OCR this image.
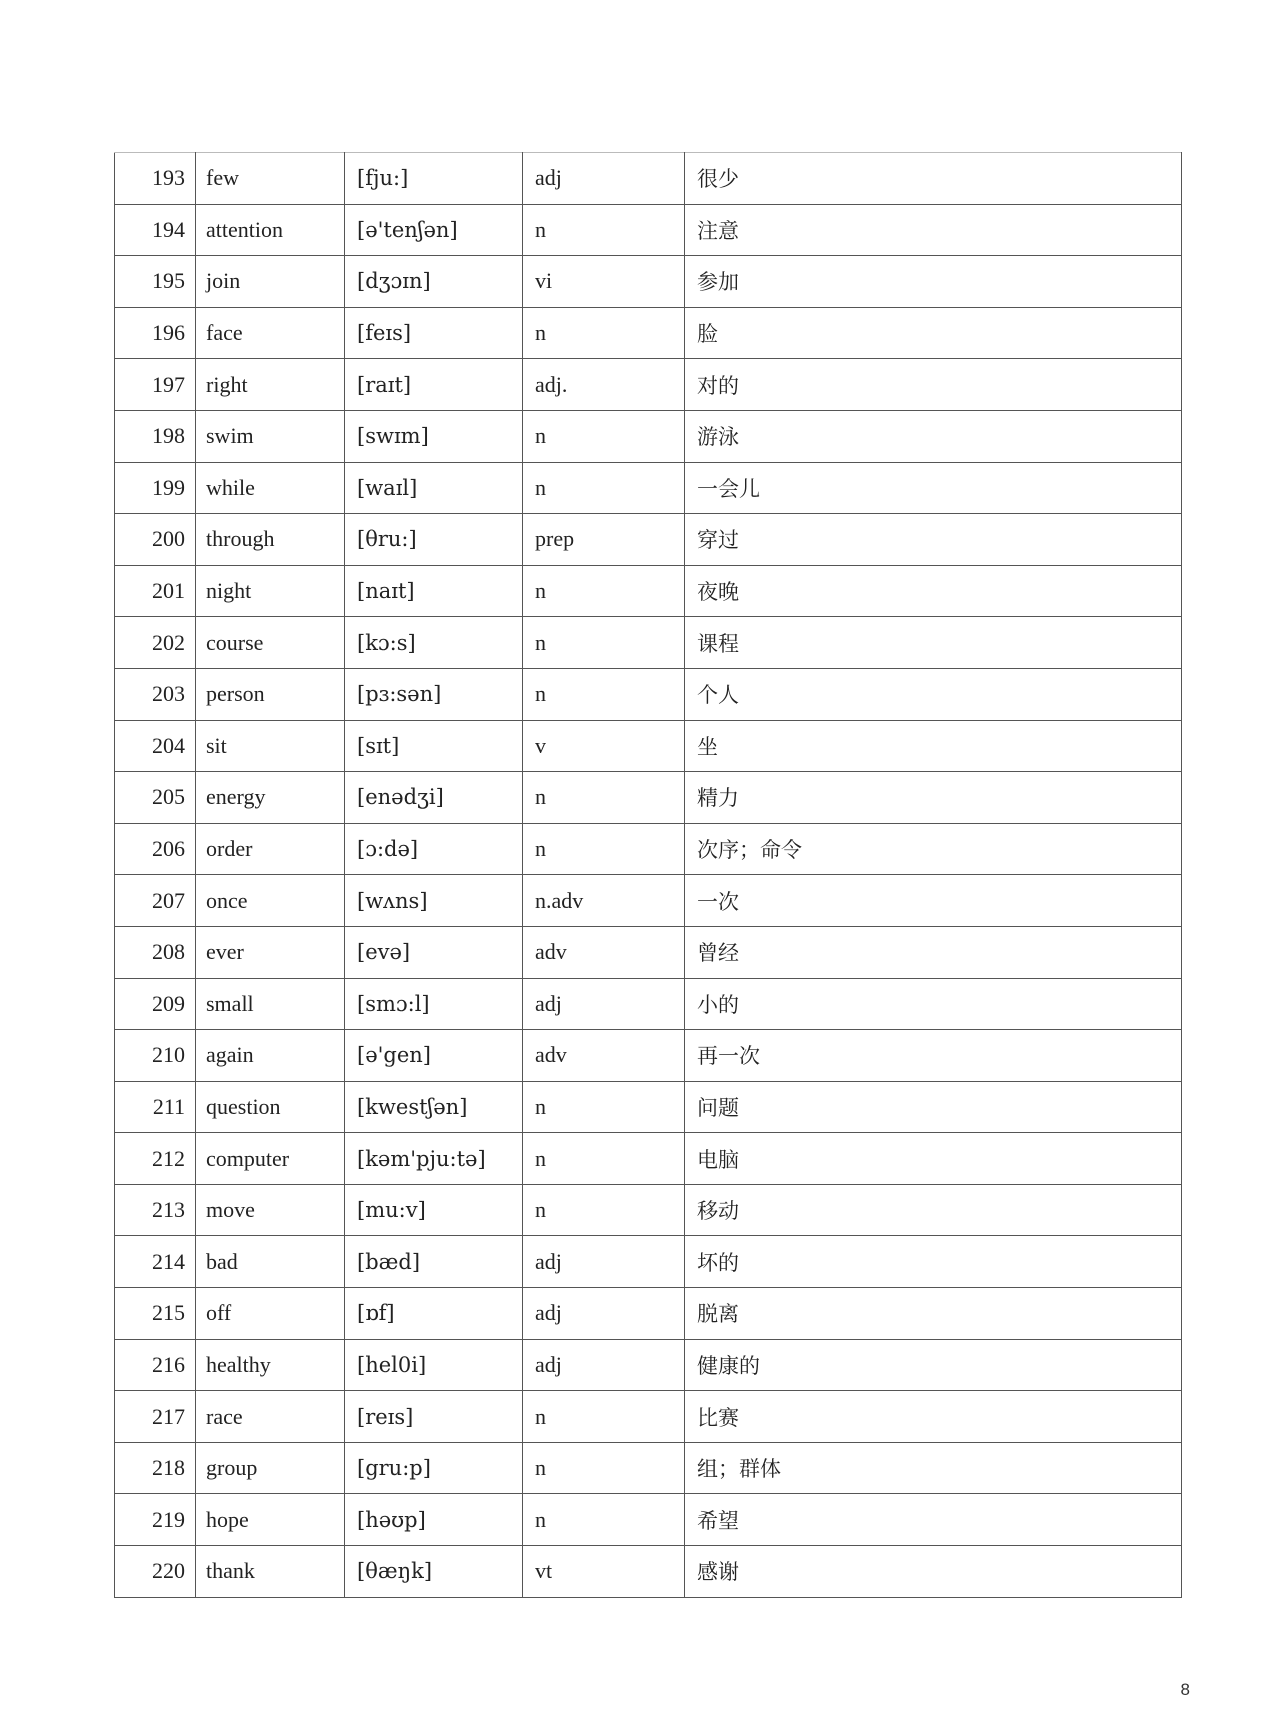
193	few	[fju:]	adj	很少
194	attention	[ə'tenʃən]	n	注意
195	join	[dʒɔɪn]	vi	参加
196	face	[feɪs]	n	脸
197	right	[raɪt]	adj.	对的
198	swim	[swɪm]	n	游泳
199	while	[waɪl]	n	一会儿
200	through	[θru:]	prep	穿过
201	night	[naɪt]	n	夜晚
202	course	[kɔ:s]	n	课程
203	person	[pɜ:sən]	n	个人
204	sit	[sɪt]	v	坐
205	energy	[enədʒi]	n	精力
206	order	[ɔ:də]	n	次序；命令
207	once	[wʌns]	n.adv	一次
208	ever	[evə]	adv	曾经
209	small	[smɔ:l]	adj	小的
210	again	[ə'gen]	adv	再一次
211	question	[kwestʃən]	n	问题
212	computer	[kəm'pju:tə]	n	电脑
213	move	[mu:v]	n	移动
214	bad	[bæd]	adj	坏的
215	off	[ɒf]	adj	脱离
216	healthy	[hel0i]	adj	健康的
217	race	[reɪs]	n	比赛
218	group	[gru:p]	n	组；群体
219	hope	[həʊp]	n	希望
220	thank	[θæŋk]	vt	感谢
8
